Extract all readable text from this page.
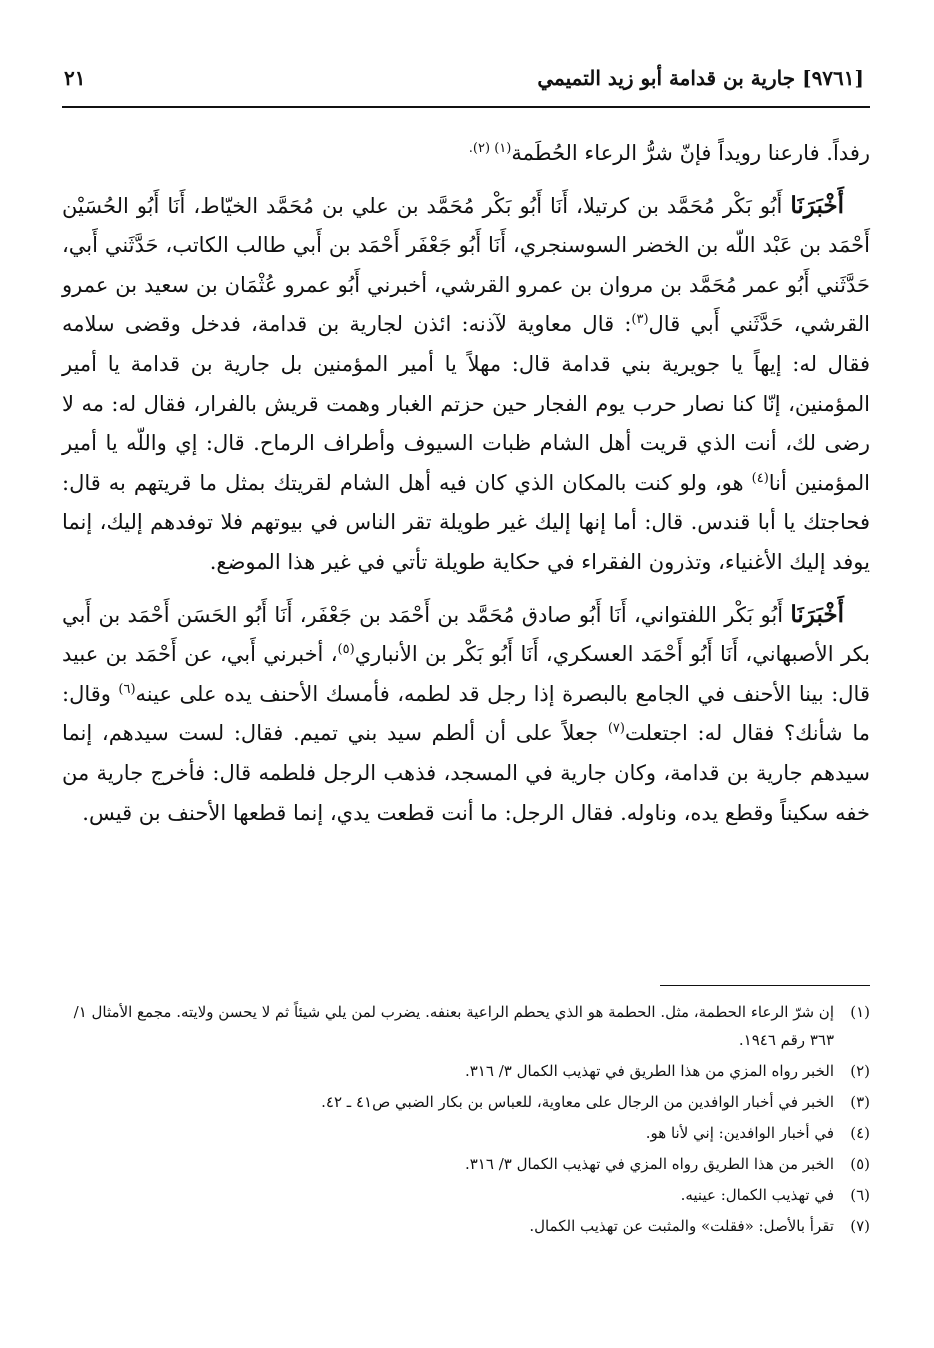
[٩٧٦١] جارية بن قدامة أبو زيد التميمي
٢١

رفداً. فارعنا رويداً فإنّ شرُّ الرعاء الحُطَمة$^{(١) (٢).}$

أَخْبَرَنَا أَبُو بَكْر مُحَمَّد بن كرتيلا، أَنَا أَبُو بَكْر مُحَمَّد بن علي بن مُحَمَّد الخيّاط، أَنَا أَبُو الحُسَيْن أَحْمَد بن عَبْد اللّه بن الخضر السوسنجري، أَنَا أَبُو جَعْفَر أَحْمَد بن أَبي طالب الكاتب، حَدَّثَني أَبي، حَدَّثَني أَبُو عمر مُحَمَّد بن مروان بن عمرو القرشي، أخبرني أَبُو عمرو عُثْمَان بن سعيد بن عمرو القرشي، حَدَّثَني أَبي قال$^{(٣)}$: قال معاوية لآذنه: ائذن لجارية بن قدامة، فدخل وقضى سلامه فقال له: إيهاً يا جويرية بني قدامة قال: مهلاً يا أمير المؤمنين بل جارية بن قدامة يا أمير المؤمنين، إنّا كنا نصار حرب يوم الفجار حين حزتم الغبار وهمت قريش بالفرار، فقال له: مه لا رضى لك، أنت الذي قريت أهل الشام ظبات السيوف وأطراف الرماح. قال: إي واللّه يا أمير المؤمنين أنا$^{(٤)}$ هو، ولو كنت بالمكان الذي كان فيه أهل الشام لقريتك بمثل ما قريتهم به قال: فحاجتك يا أبا قندس. قال: أما إنها إليك غير طويلة تقر الناس في بيوتهم فلا توفدهم إليك، إنما يوفد إليك الأغنياء، وتذرون الفقراء في حكاية طويلة تأتي في غير هذا الموضع.

أَخْبَرَنَا أَبُو بَكْر اللفتواني، أَنَا أَبُو صادق مُحَمَّد بن أَحْمَد بن جَعْفَر، أَنَا أَبُو الحَسَن أَحْمَد بن أَبي بكر الأصبهاني، أَنَا أَبُو أَحْمَد العسكري، أَنَا أَبُو بَكْر بن الأنباري$^{(٥)}$، أخبرني أَبي، عن أَحْمَد بن عبيد قال: بينا الأحنف في الجامع بالبصرة إذا رجل قد لطمه، فأمسك الأحنف يده على عينه$^{(٦)}$ وقال: ما شأنك؟ فقال له: اجتعلت$^{(٧)}$ جعلاً على أن ألطم سيد بني تميم. فقال: لست سيدهم، إنما سيدهم جارية بن قدامة، وكان جارية في المسجد، فذهب الرجل فلطمه قال: فأخرج جارية من خفه سكيناً وقطع يده، وناوله. فقال الرجل: ما أنت قطعت يدي، إنما قطعها الأحنف بن قيس.

(١)
إن شرّ الرعاء الحطمة، مثل. الحطمة هو الذي يحطم الراعية بعنفه. يضرب لمن يلي شيئاً ثم لا يحسن ولايته. مجمع الأمثال ١/ ٣٦٣ رقم ١٩٤٦.
(٢)
الخبر رواه المزي من هذا الطريق في تهذيب الكمال ٣/ ٣١٦.
(٣)
الخبر في أخبار الوافدين من الرجال على معاوية، للعباس بن بكار الضبي ص٤١ ـ ٤٢.
(٤)
في أخبار الوافدين: إني لأنا هو.
(٥)
الخبر من هذا الطريق رواه المزي في تهذيب الكمال ٣/ ٣١٦.
(٦)
في تهذيب الكمال: عينيه.
(٧)
تقرأ بالأصل: «فقلت» والمثبت عن تهذيب الكمال.
